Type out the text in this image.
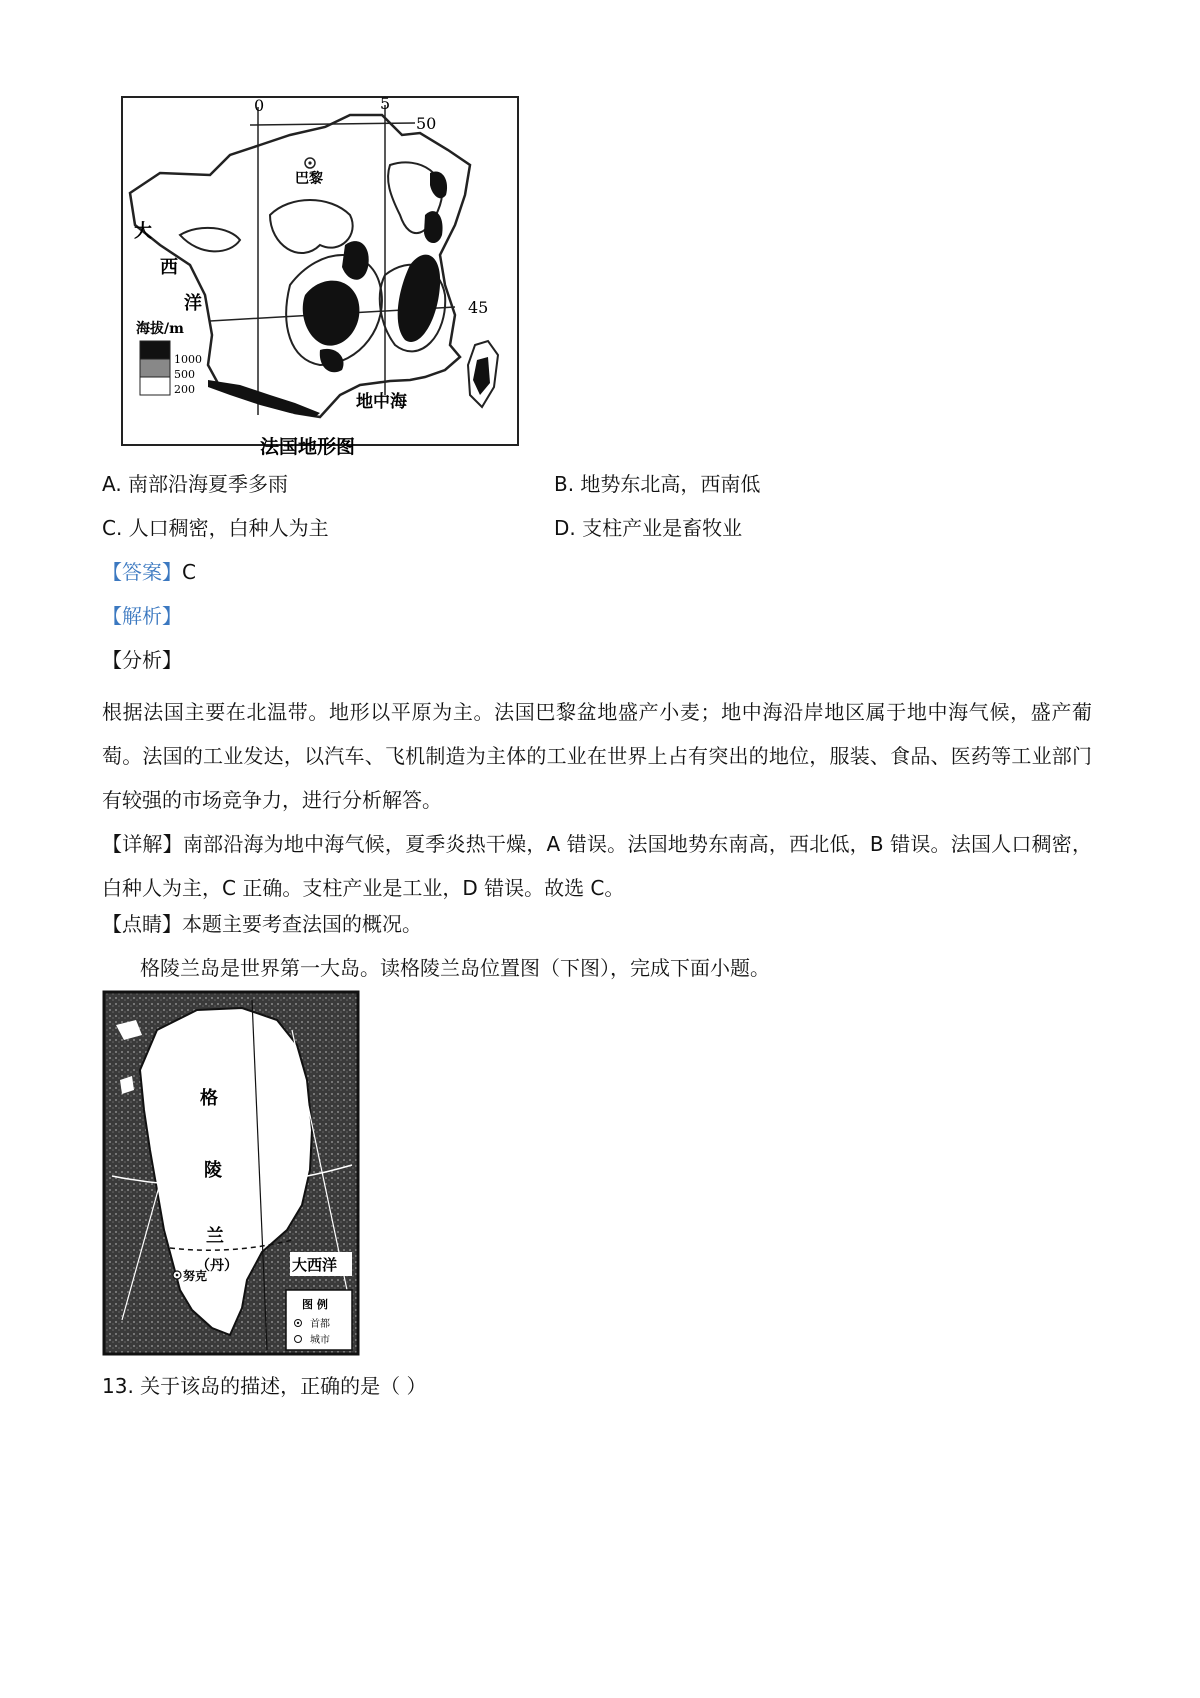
0	5
50
45
巴黎
大
西
洋
地中海
海拔/m
1000
500
200
法国地形图
A. 南部沿海夏季多雨	B. 地势东北高，西南低
C. 人口稠密，白种人为主	D. 支柱产业是畜牧业
【答案】C
【解析】
【分析】
根据法国主要在北温带。地形以平原为主。法国巴黎盆地盛产小麦；地中海沿岸地区属于地中海气候，盛产葡萄。法国的工业发达，以汽车、飞机制造为主体的工业在世界上占有突出的地位，服装、食品、医药等工业部门有较强的市场竞争力，进行分析解答。
【详解】南部沿海为地中海气候，夏季炎热干燥，A 错误。法国地势东南高，西北低，B 错误。法国人口稠密，白种人为主，C 正确。支柱产业是工业，D 错误。故选 C。
【点睛】本题主要考查法国的概况。
格陵兰岛是世界第一大岛。读格陵兰岛位置图（下图），完成下面小题。
格
陵
兰
（丹）
努克
大西洋
图 例
首都
城市
13. 关于该岛的描述，正确的是（ ）
